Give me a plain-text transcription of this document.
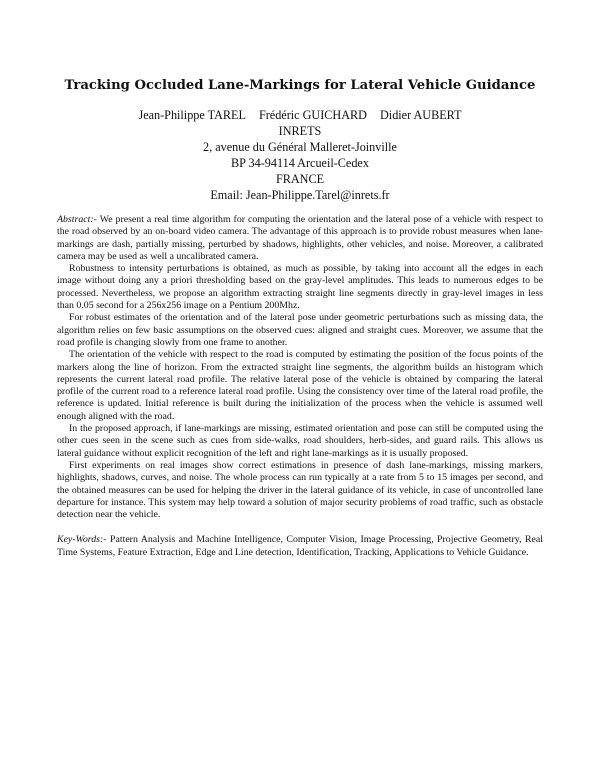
Tracking Occluded Lane-Markings for Lateral Vehicle Guidance
Jean-Philippe TAREL Frédéric GUICHARD Didier AUBERT
INRETS
2, avenue du Général Malleret-Joinville
BP 34-94114 Arcueil-Cedex
FRANCE
Email: Jean-Philippe.Tarel@inrets.fr

Abstract:- We present a real time algorithm for computing the orientation and the lateral pose of a vehicle with respect to the road observed by an on-board video camera. The advantage of this approach is to provide robust measures when lane-markings are dash, partially missing, perturbed by shadows, highlights, other vehicles, and noise. Moreover, a calibrated camera may be used as well a uncalibrated camera.

Robustness to intensity perturbations is obtained, as much as possible, by taking into account all the edges in each image without doing any a priori thresholding based on the gray-level amplitudes. This leads to numerous edges to be processed. Nevertheless, we propose an algorithm extracting straight line segments directly in gray-level images in less than 0.05 second for a 256x256 image on a Pentium 200Mhz.

For robust estimates of the orientation and of the lateral pose under geometric perturbations such as missing data, the algorithm relies on few basic assumptions on the observed cues: aligned and straight cues. Moreover, we assume that the road profile is changing slowly from one frame to another.

The orientation of the vehicle with respect to the road is computed by estimating the position of the focus points of the markers along the line of horizon. From the extracted straight line segments, the algorithm builds an histogram which represents the current lateral road profile. The relative lateral pose of the vehicle is obtained by comparing the lateral profile of the current road to a reference lateral road profile. Using the consistency over time of the lateral road profile, the reference is updated. Initial reference is built during the initialization of the process when the vehicle is assumed well enough aligned with the road.

In the proposed approach, if lane-markings are missing, estimated orientation and pose can still be computed using the other cues seen in the scene such as cues from side-walks, road shoulders, herb-sides, and guard rails. This allows us lateral guidance without explicit recognition of the left and right lane-markings as it is usually proposed.

First experiments on real images show correct estimations in presence of dash lane-markings, missing markers, highlights, shadows, curves, and noise. The whole process can run typically at a rate from 5 to 15 images per second, and the obtained measures can be used for helping the driver in the lateral guidance of its vehicle, in case of uncontrolled lane departure for instance. This system may help toward a solution of major security problems of road traffic, such as obstacle detection near the vehicle.

Key-Words:- Pattern Analysis and Machine Intelligence, Computer Vision, Image Processing, Projective Geometry, Real Time Systems, Feature Extraction, Edge and Line detection, Identification, Tracking, Applications to Vehicle Guidance.
